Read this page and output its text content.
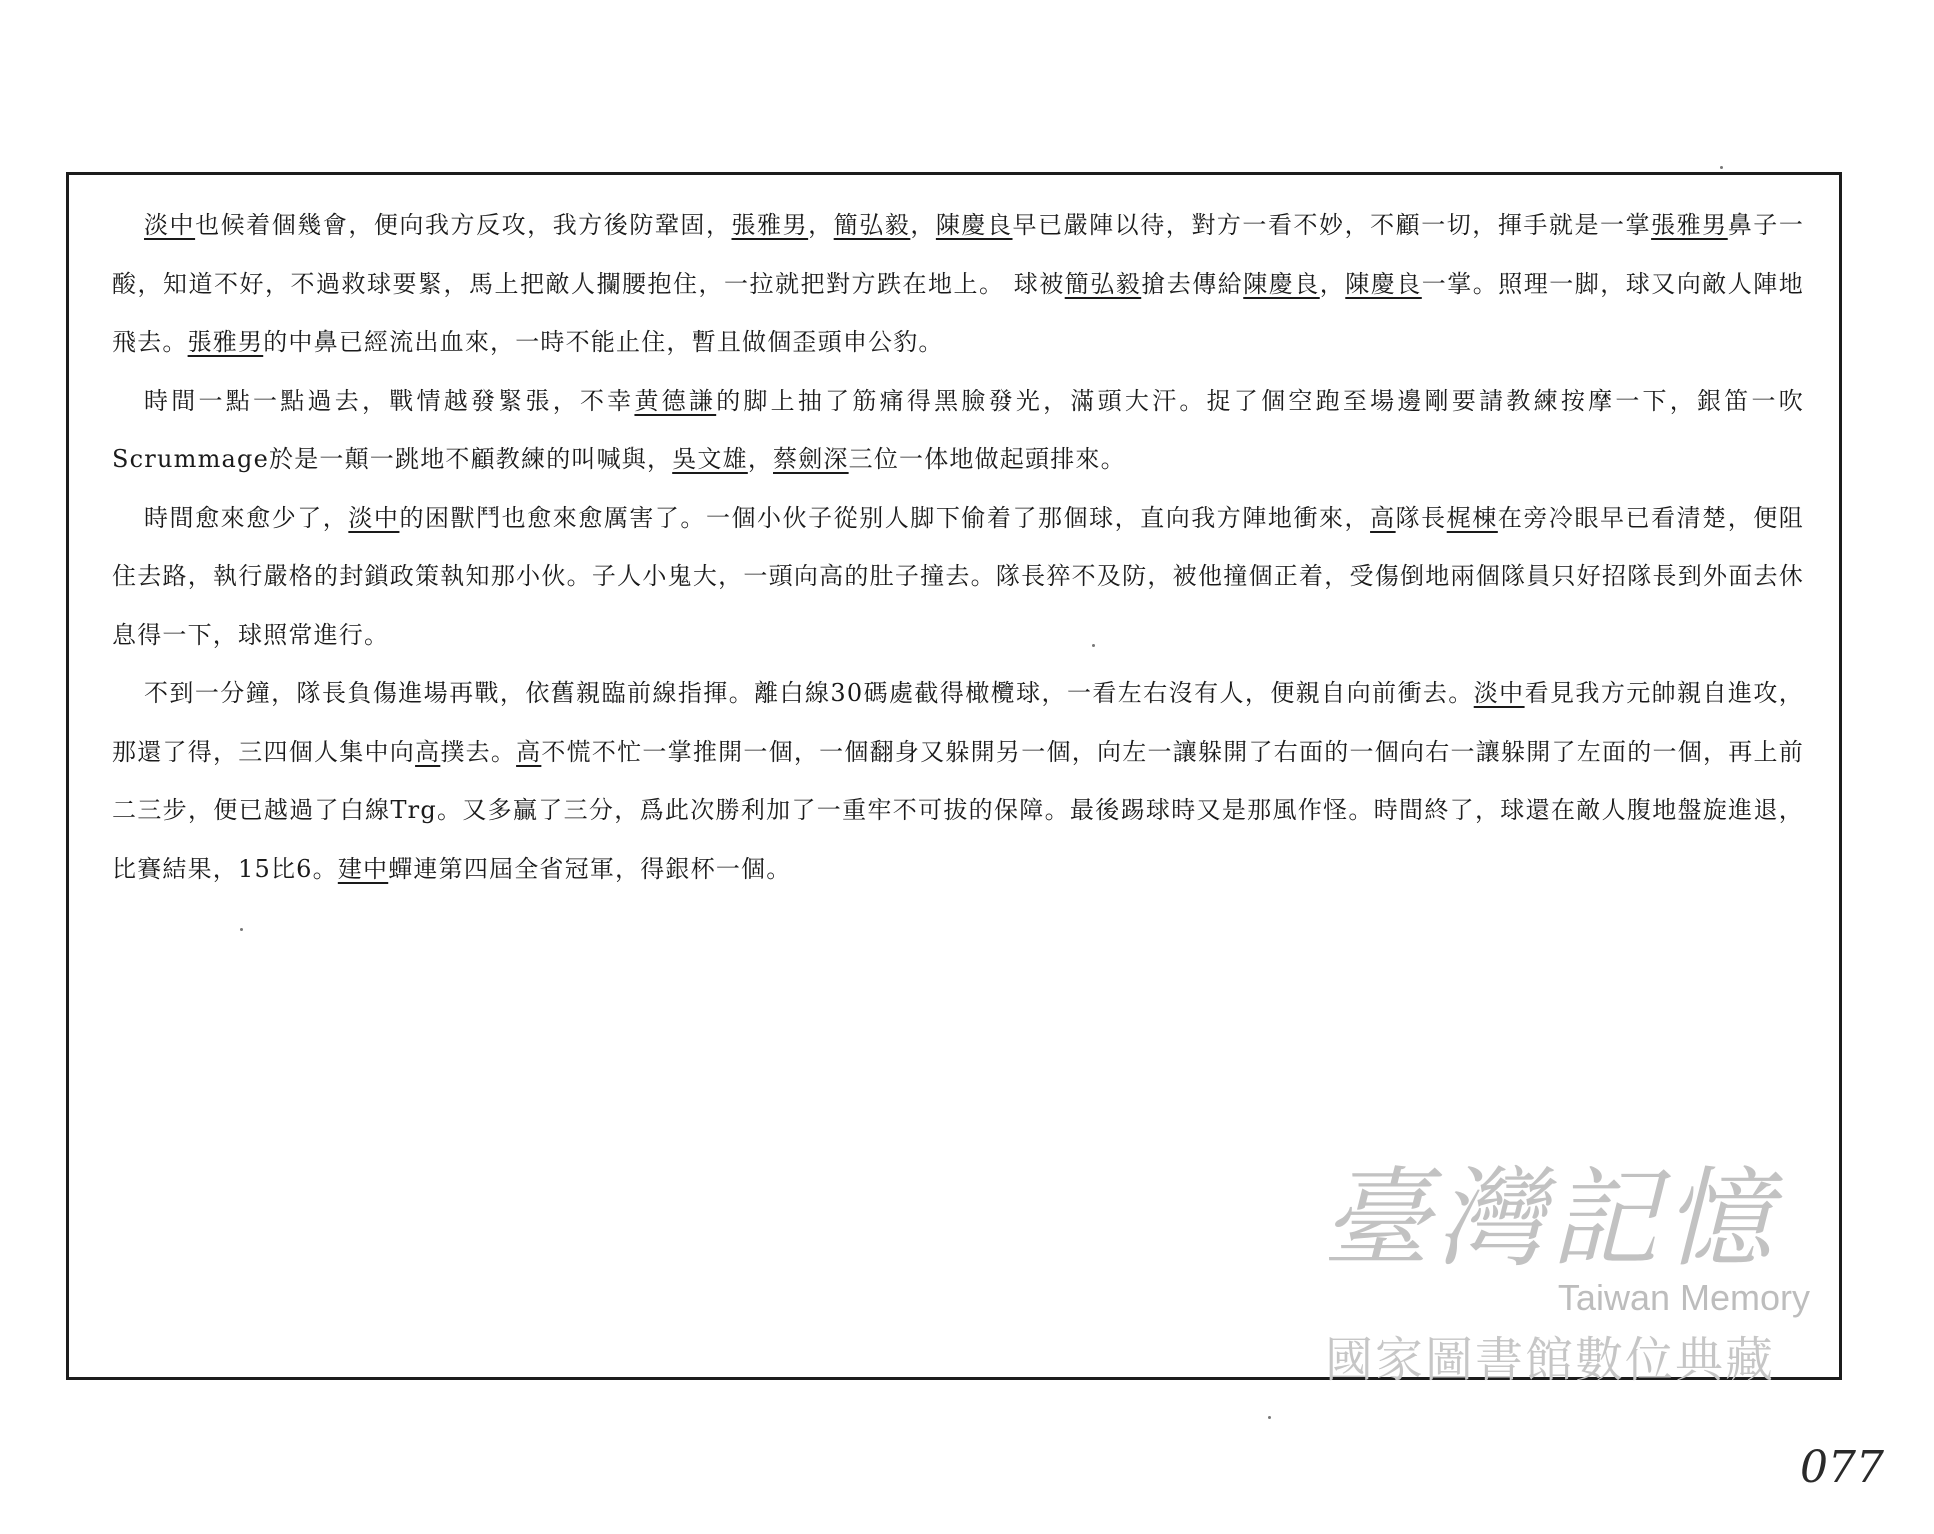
淡中也候着個幾會，便向我方反攻，我方後防鞏固，張雅男，簡弘毅，陳慶良早已嚴陣以待，對方一看不妙，不顧一切，揮手就是一掌張雅男鼻子一酸，知道不好，不過救球要緊，馬上把敵人攔腰抱住，一拉就把對方跌在地上。 球被簡弘毅搶去傳給陳慶良，陳慶良一掌。照理一脚，球又向敵人陣地飛去。張雅男的中鼻已經流出血來，一時不能止住，暫且做個歪頭申公豹。

時間一點一點過去，戰情越發緊張，不幸黄德謙的脚上抽了筋痛得黑臉發光，滿頭大汗。捉了個空跑至場邊剛要請教練按摩一下，銀笛一吹Scrummage於是一顛一跳地不顧教練的叫喊與，吳文雄，蔡劍深三位一体地做起頭排來。

時間愈來愈少了，淡中的困獸鬥也愈來愈厲害了。一個小伙子從别人脚下偷着了那個球，直向我方陣地衝來，高隊長梶棟在旁冷眼早已看清楚，便阻住去路，執行嚴格的封鎖政策執知那小伙。子人小鬼大，一頭向高的肚子撞去。隊長猝不及防，被他撞個正着，受傷倒地兩個隊員只好招隊長到外面去休息得一下，球照常進行。

不到一分鐘，隊長負傷進場再戰，依舊親臨前線指揮。離白線30碼處截得橄欖球，一看左右沒有人，便親自向前衝去。淡中看見我方元帥親自進攻，那還了得，三四個人集中向高撲去。高不慌不忙一掌推開一個，一個翻身又躲開另一個，向左一讓躲開了右面的一個向右一讓躲開了左面的一個，再上前二三步，便已越過了白線Trg。又多贏了三分，爲此次勝利加了一重牢不可拔的保障。最後踢球時又是那風作怪。時間終了，球還在敵人腹地盤旋進退，比賽結果，15比6。建中蟬連第四屆全省冠軍，得銀杯一個。

臺灣記憶
Taiwan Memory
國家圖書館數位典藏
077
